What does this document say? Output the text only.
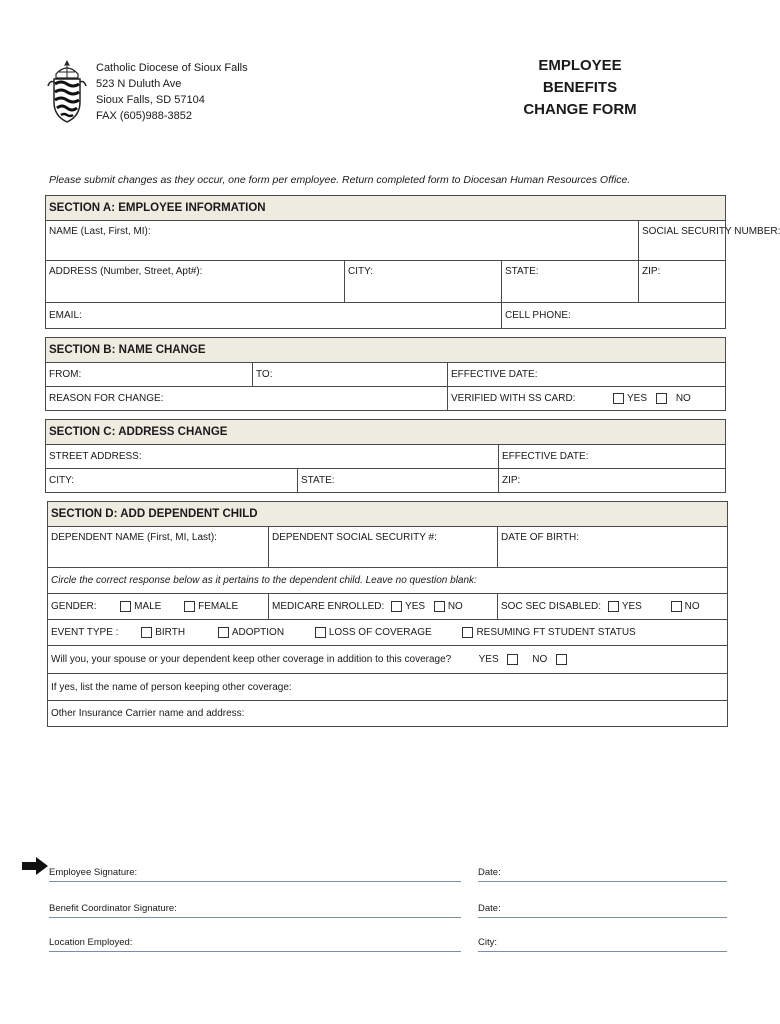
Catholic Diocese of Sioux Falls
523 N Duluth Ave
Sioux Falls, SD 57104
FAX (605)988-3852
EMPLOYEE BENEFITS
CHANGE FORM
Please submit changes as they occur, one form per employee. Return completed form to Diocesan Human Resources Office.
SECTION A: EMPLOYEE INFORMATION			
NAME (Last, First, MI):			SOCIAL SECURITY NUMBER:
ADDRESS (Number, Street, Apt#):	CITY:	STATE:	ZIP:
EMAIL:		CELL PHONE:	
SECTION B: NAME CHANGE		
FROM:	TO:	EFFECTIVE DATE:
REASON FOR CHANGE:		VERIFIED WITH SS CARD: YES NO
SECTION C: ADDRESS CHANGE		
STREET ADDRESS:		EFFECTIVE DATE:
CITY:	STATE:	ZIP:
SECTION D: ADD DEPENDENT CHILD		
DEPENDENT NAME (First, MI, Last):	DEPENDENT SOCIAL SECURITY #:	DATE OF BIRTH:
Circle the correct response below as it pertains to the dependent child. Leave no question blank:		
GENDER: MALE FEMALE	MEDICARE ENROLLED: YES NO	SOC SEC DISABLED: YES NO
EVENT TYPE : BIRTH ADOPTION LOSS OF COVERAGE RESUMING FT STUDENT STATUS		
Will you, your spouse or your dependent keep other coverage in addition to this coverage? YES NO		
If yes, list the name of person keeping other coverage:		
Other Insurance Carrier name and address:		
Employee Signature:	Date:
Benefit Coordinator Signature:	Date:
Location Employed:	City:
